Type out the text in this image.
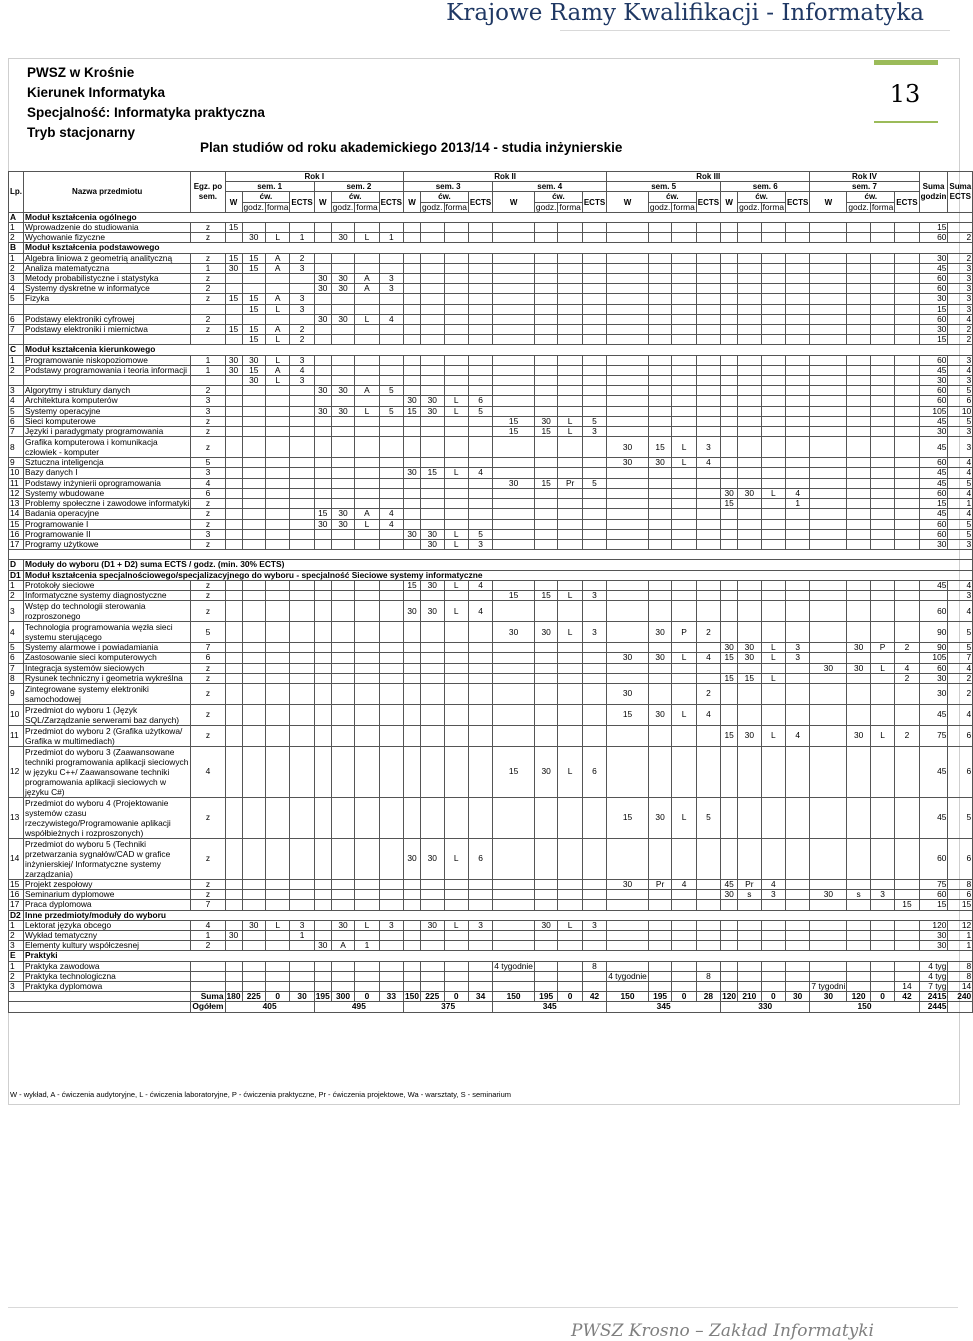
Krajowe Ramy Kwalifikacji - Informatyka
13
PWSZ w Krośnie
Kierunek Informatyka
Specjalność: Informatyka praktyczna
Tryb stacjonarny
Plan studiów od roku akademickiego 2013/14 - studia inżynierskie
Lp.	Nazwa przedmiotu	Egz. po sem.	Rok I								Rok II								Rok III								Rok IV				Suma godzin	Suma ECTS
			sem. 1				sem. 2				sem. 3				sem. 4				sem. 5				sem. 6				sem. 7					
			W	ćw.		ECTS	W	ćw.		ECTS	W	ćw.		ECTS	W	ćw.		ECTS	W	ćw.		ECTS	W	ćw.		ECTS	W	ćw.		ECTS		
				godz.	forma			godz.	forma			godz.	forma			godz.	forma			godz.	forma			godz.	forma			godz.	forma			
A	Moduł kształcenia ogólnego																															
1	Wprowadzenie do studiowania	z	15																												15	
2	Wychowanie fizyczne	z		30	L	1		30	L	1																					60	2
B	Moduł kształcenia podstawowego																															
1	Algebra liniowa z geometrią analityczną	z	15	15	A	2																									30	2
2	Analiza matematyczna	1	30	15	A	3																									45	3
3	Metody probabilistyczne i statystyka	z					30	30	A	3																					60	3
4	Systemy dyskretne w informatyce	2					30	30	A	3																					60	3
5	Fizyka	z	15	15	A	3																									30	3
				15	L	3																									15	3
6	Podstawy elektroniki cyfrowej	2					30	30	L	4																					60	4
7	Podstawy elektroniki i miernictwa	z	15	15	A	2																									30	2
				15	L	2																									15	2
C	Moduł kształcenia kierunkowego																															
1	Programowanie niskopoziomowe	1	30	30	L	3																									60	3
2	Podstawy programowania i teoria informacji	1	30	15	A	4																									45	4
				30	L	3																									30	3
3	Algorytmy i struktury danych	2					30	30	A	5																					60	5
4	Architektura komputerów	3									30	30	L	6																	60	6
5	Systemy operacyjne	3					30	30	L	5	15	30	L	5																	105	10
6	Sieci komputerowe	z													15	30	L	5													45	5
7	Języki i paradygmaty programowania	z													15	15	L	3													30	3
8	Grafika komputerowa i komunikacja człowiek - komputer	z																	30	15	L	3									45	3
9	Sztuczna inteligencja	5																	30	30	L	4									60	4
10	Bazy danych I	3									30	15	L	4																	45	4
11	Podstawy inżynierii oprogramowania	4													30	15	Pr	5													45	5
12	Systemy wbudowane	6																					30	30	L	4					60	4
13	Problemy społeczne i zawodowe informatyki	z																					15			1					15	1
14	Badania operacyjne	z					15	30	A	4																					45	4
15	Programowanie I	z					30	30	L	4																					60	5
16	Programowanie II	3									30	30	L	5																	60	5
17	Programy użytkowe	z										30	L	3																	30	3

D	Moduły do wyboru (D1 + D2) suma ECTS / godz. (min. 30% ECTS)																															
D1	Moduł kształcenia specjalnościowego/specjalizacyjnego do wyboru - specjalność Sieciowe systemy informatyczne																															
1	Protokoły sieciowe	z									15	30	L	4																	45	4
2	Informatyczne systemy diagnostyczne	z													15	15	L	3														3
3	Wstęp do technologii sterowania rozproszonego	z									30	30	L	4																	60	4
4	Technologia programowania węzła sieci systemu sterującego	5													30	30	L	3		30	P	2									90	5
5	Systemy alarmowe i powiadamiania	7																					30	30	L	3		30	P	2	90	5
6	Zastosowanie sieci komputerowych	6																	30	30	L	4	15	30	L	3					105	7
7	Integracja systemów sieciowych	z																									30	30	L	4	60	4
8	Rysunek techniczny i geometria wykreślna	z																					15	15	L					2	30	2
9	Zintegrowane systemy elektroniki samochodowej	z																	30			2									30	2
10	Przedmiot do wyboru 1 (Język SQL/Zarządzanie serwerami baz danych)	z																	15	30	L	4									45	4
11	Przedmiot do wyboru 2 (Grafika użytkowa/ Grafika w multimediach)	z																					15	30	L	4		30	L	2	75	6
12	Przedmiot do wyboru 3 (Zaawansowane techniki programowania aplikacji sieciowych w języku C++/ Zaawansowane techniki programowania aplikacji sieciowych w języku C#)	4													15	30	L	6													45	6
13	Przedmiot do wyboru 4 (Projektowanie systemów czasu rzeczywistego/Programowanie aplikacji współbieżnych i rozproszonych)	z																	15	30	L	5									45	5
14	Przedmiot do wyboru 5 (Techniki przetwarzania sygnałów/CAD w grafice inżynierskiej/ Informatyczne systemy zarządzania)	z									30	30	L	6																	60	6
15	Projekt zespołowy	z																	30	Pr	4		45	Pr	4						75	8
16	Seminarium dyplomowe	z																					30	s	3		30	s	3		60	6
17	Praca dyplomowa	7																												15	15	15
D2	Inne przedmioty/moduły do wyboru																															
1	Lektorat języka obcego	4		30	L	3		30	L	3		30	L	3		30	L	3													120	12
2	Wykład tematyczny	1	30			1																									30	1
3	Elementy kultury współczesnej	2					30	A	1																						30	1
E	Praktyki																															
1	Praktyka zawodowa														4 tygodnie			8													4 tyg	8
2	Praktyka technologiczna																		4 tygodnie			8									4 tyg	8
3	Praktyka dyplomowa																										7 tygodni			14	7 tyg	14
		Suma	180	225	0	30	195	300	0	33	150	225	0	34	150	195	0	42	150	195	0	28	120	210	0	30	30	120	0	42	2415	240
		Ogółem	405				495				375				345				345				330				150				2445	
W - wykład, A - ćwiczenia audytoryjne, L - ćwiczenia laboratoryjne, P - ćwiczenia praktyczne, Pr - ćwiczenia projektowe, Wa - warsztaty, S - seminarium
PWSZ Krosno – Zakład Informatyki
